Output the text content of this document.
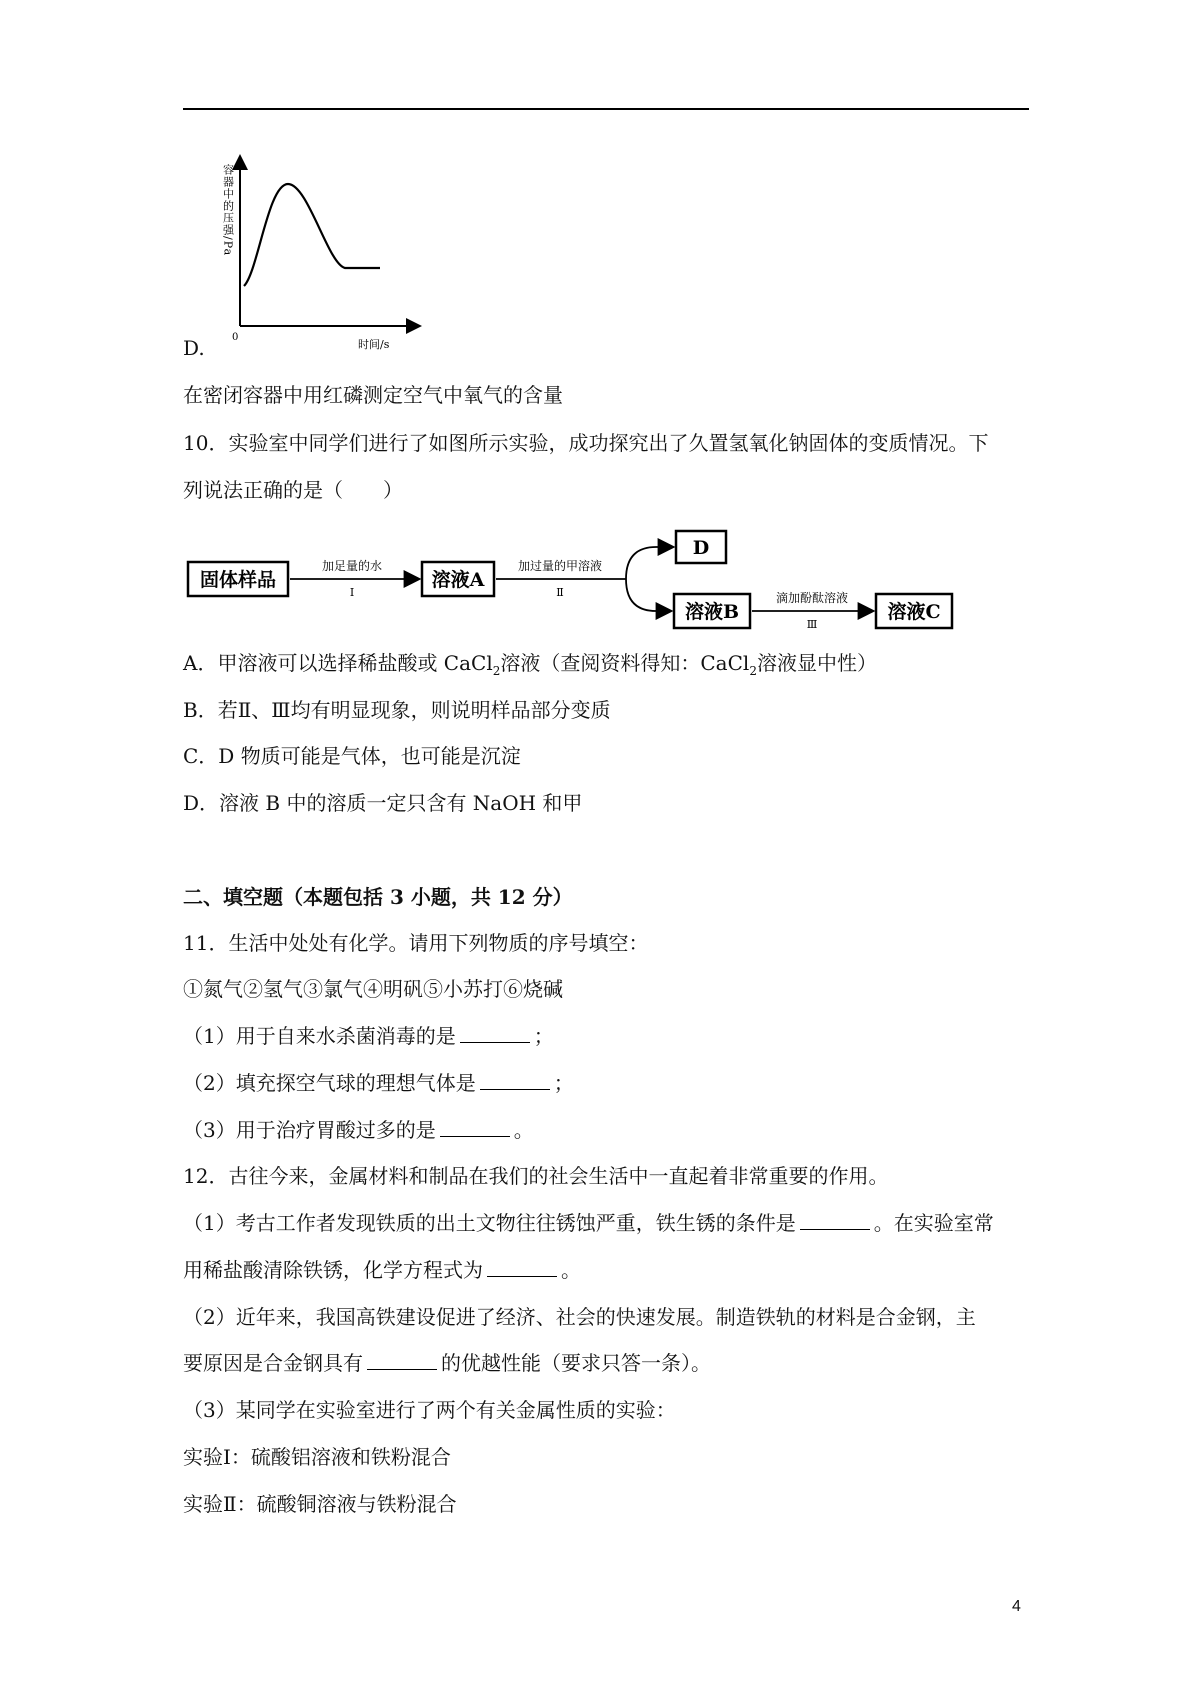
0
时间/s
容器中的压强/Pa
D.
在密闭容器中用红磷测定空气中氧气的含量
10．实验室中同学们进行了如图所示实验，成功探究出了久置氢氧化钠固体的变质情况。下
列说法正确的是（　　）
固体样品	溶液A
D
溶液B	溶液C
加足量的水
Ⅰ
加过量的甲溶液
Ⅱ	滴加酚酞溶液
Ⅲ
A．甲溶液可以选择稀盐酸或 CaCl$_2$溶液（查阅资料得知：CaCl$_2$溶液显中性）
B．若Ⅱ、Ⅲ均有明显现象，则说明样品部分变质
C．D 物质可能是气体，也可能是沉淀
D．溶液 B 中的溶质一定只含有 NaOH 和甲
二、填空题（本题包括 3 小题，共 12 分）
11．生活中处处有化学。请用下列物质的序号填空：
①氮气②氢气③氯气④明矾⑤小苏打⑥烧碱
（1）用于自来水杀菌消毒的是	；
（2）填充探空气球的理想气体是	；
（3）用于治疗胃酸过多的是	。
12．古往今来，金属材料和制品在我们的社会生活中一直起着非常重要的作用。
（1）考古工作者发现铁质的出土文物往往锈蚀严重，铁生锈的条件是	。在实验室常
用稀盐酸清除铁锈，化学方程式为	。
（2）近年来，我国高铁建设促进了经济、社会的快速发展。制造铁轨的材料是合金钢，主
要原因是合金钢具有	的优越性能（要求只答一条）。
（3）某同学在实验室进行了两个有关金属性质的实验：
实验Ⅰ：硫酸铝溶液和铁粉混合
实验Ⅱ：硫酸铜溶液与铁粉混合
4
